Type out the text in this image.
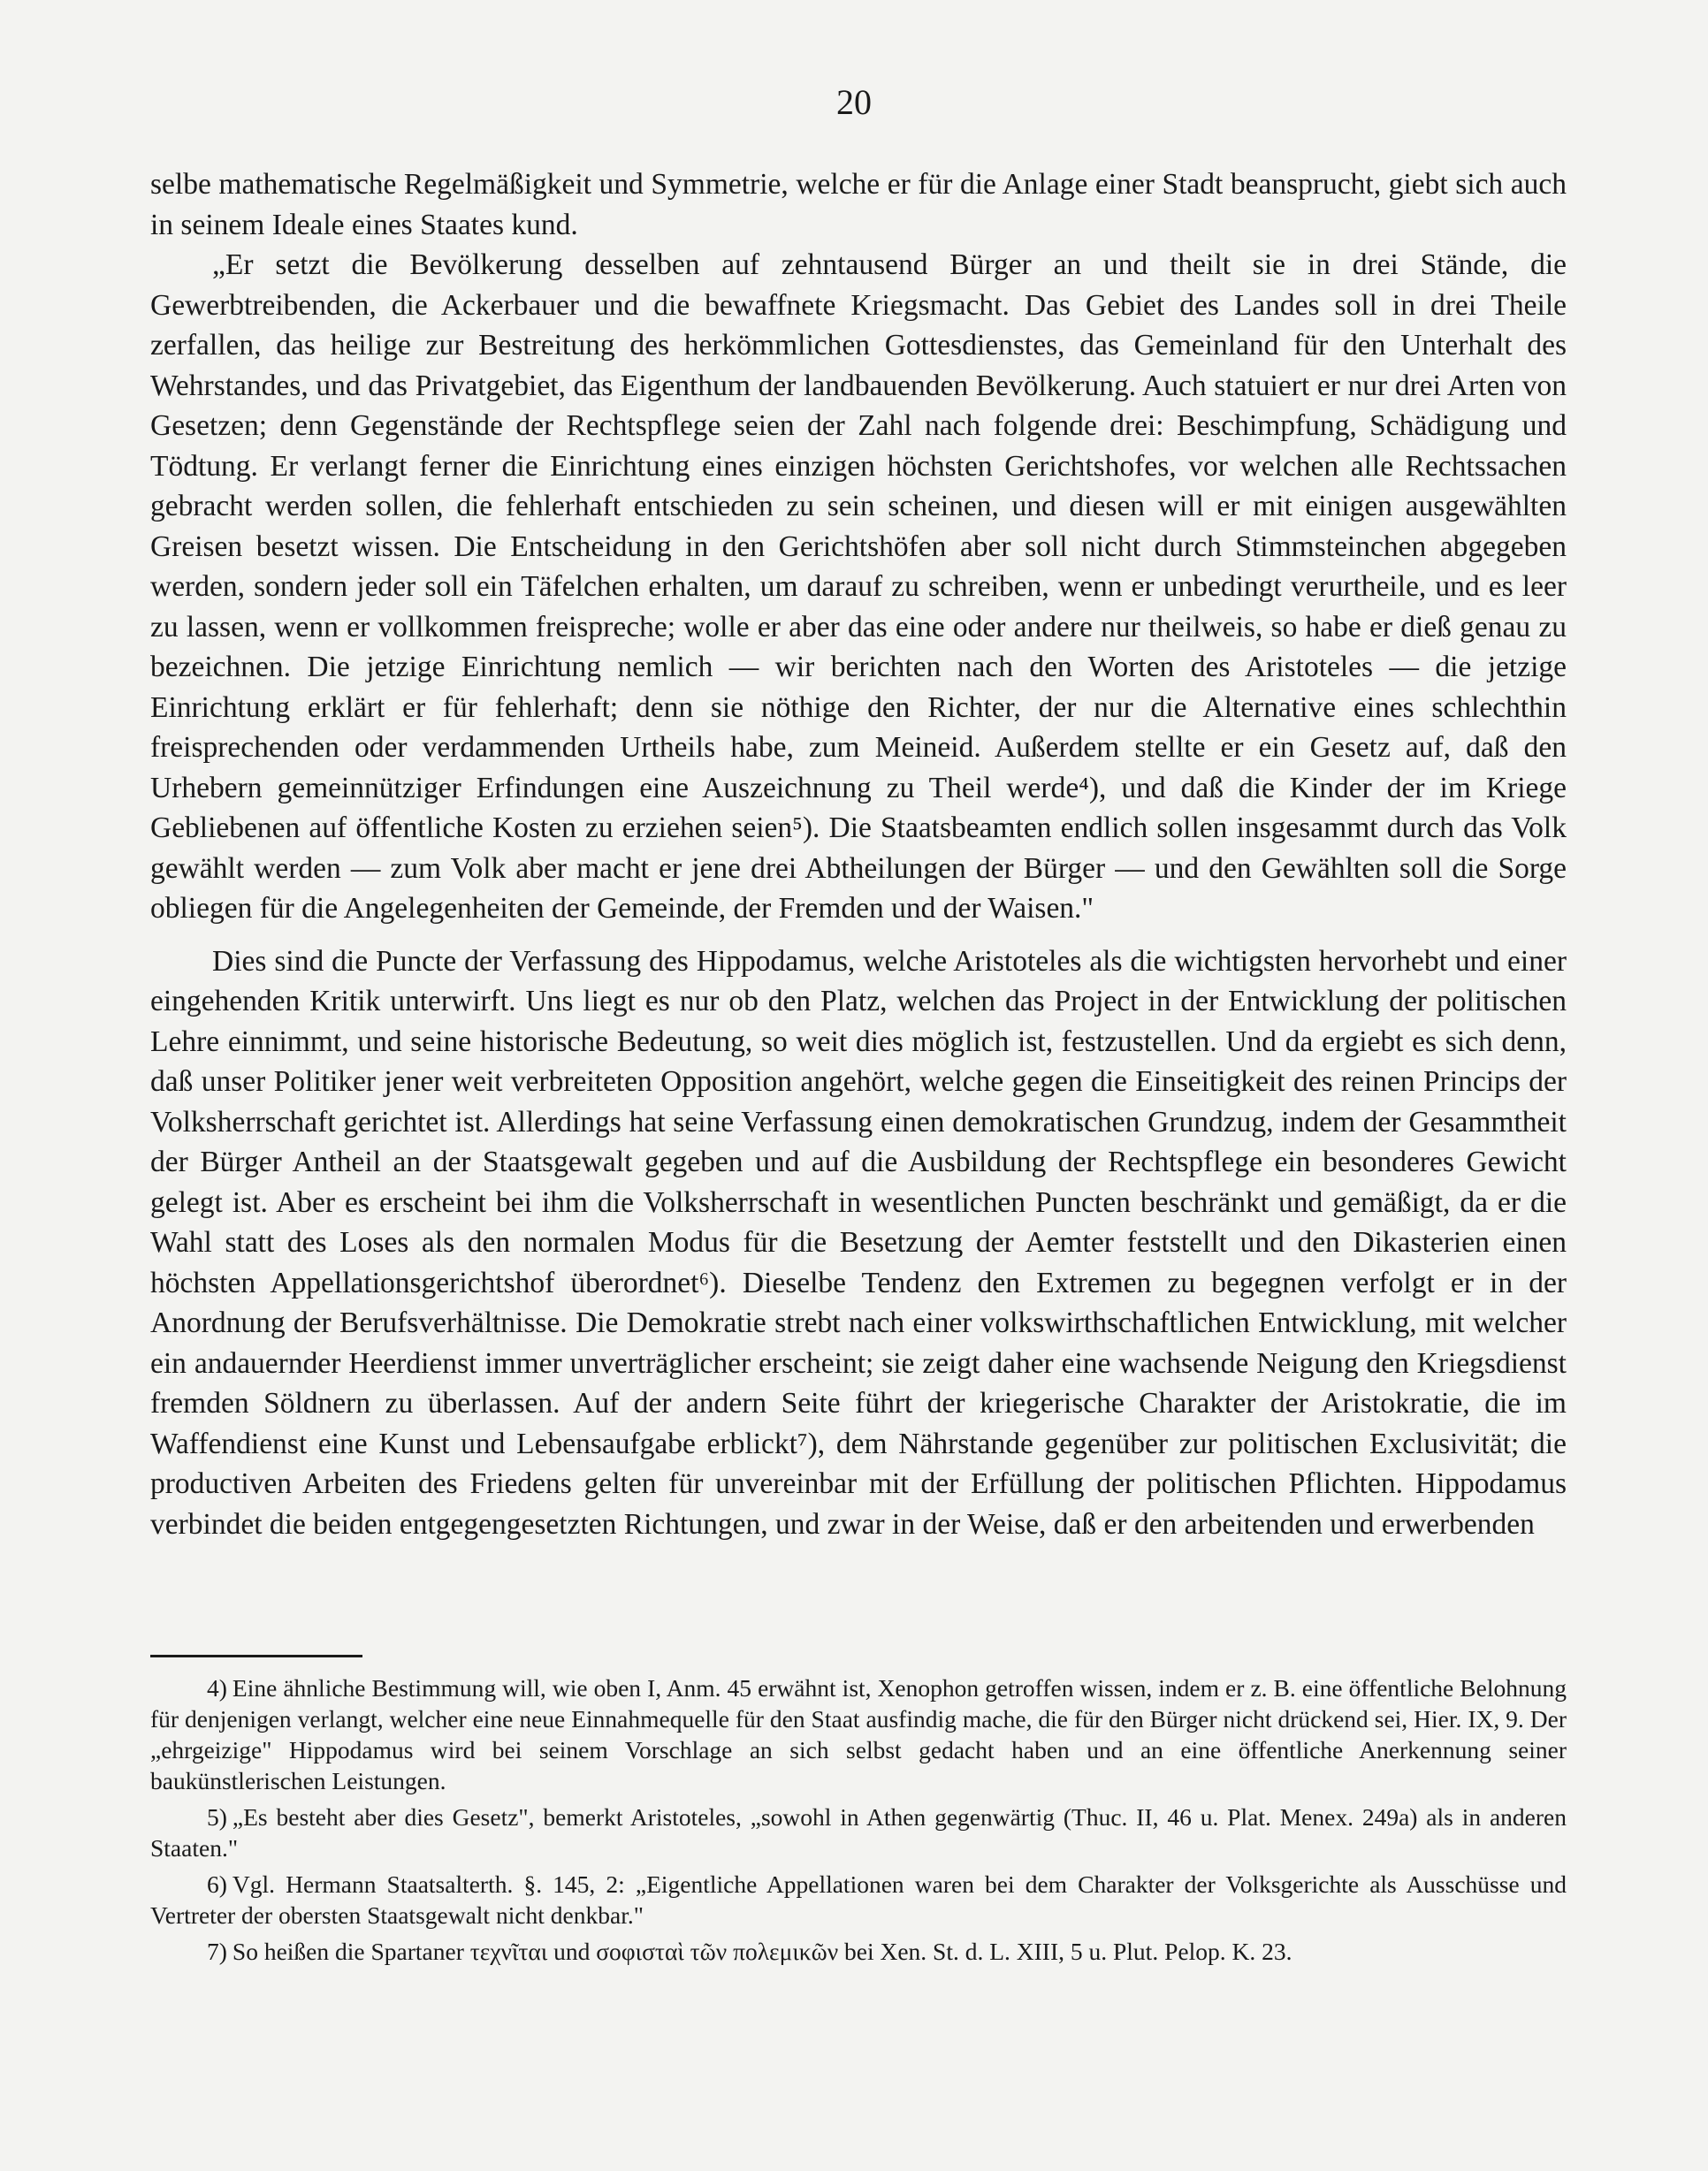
20

selbe mathematische Regelmäßigkeit und Symmetrie, welche er für die Anlage einer Stadt beansprucht, giebt sich auch in seinem Ideale eines Staates kund.

„Er setzt die Bevölkerung desselben auf zehntausend Bürger an und theilt sie in drei Stände, die Gewerbtreibenden, die Ackerbauer und die bewaffnete Kriegsmacht. Das Gebiet des Landes soll in drei Theile zerfallen, das heilige zur Bestreitung des herkömmlichen Gottesdienstes, das Gemeinland für den Unterhalt des Wehrstandes, und das Privatgebiet, das Eigenthum der landbauenden Bevölkerung. Auch statuiert er nur drei Arten von Gesetzen; denn Gegenstände der Rechtspflege seien der Zahl nach folgende drei: Beschimpfung, Schädigung und Tödtung. Er verlangt ferner die Einrichtung eines einzigen höchsten Gerichtshofes, vor welchen alle Rechtssachen gebracht werden sollen, die fehlerhaft entschieden zu sein scheinen, und diesen will er mit einigen ausgewählten Greisen besetzt wissen. Die Entscheidung in den Gerichtshöfen aber soll nicht durch Stimmsteinchen abgegeben werden, sondern jeder soll ein Täfelchen erhalten, um darauf zu schreiben, wenn er unbedingt verurtheile, und es leer zu lassen, wenn er vollkommen freispreche; wolle er aber das eine oder andere nur theilweis, so habe er dieß genau zu bezeichnen. Die jetzige Einrichtung nemlich — wir berichten nach den Worten des Aristoteles — die jetzige Einrichtung erklärt er für fehlerhaft; denn sie nöthige den Richter, der nur die Alternative eines schlechthin freisprechenden oder verdammenden Urtheils habe, zum Meineid. Außerdem stellte er ein Gesetz auf, daß den Urhebern gemeinnütziger Erfindungen eine Auszeichnung zu Theil werde⁴), und daß die Kinder der im Kriege Gebliebenen auf öffentliche Kosten zu erziehen seien⁵). Die Staatsbeamten endlich sollen insgesammt durch das Volk gewählt werden — zum Volk aber macht er jene drei Abtheilungen der Bürger — und den Gewählten soll die Sorge obliegen für die Angelegenheiten der Gemeinde, der Fremden und der Waisen."

Dies sind die Puncte der Verfassung des Hippodamus, welche Aristoteles als die wichtigsten hervorhebt und einer eingehenden Kritik unterwirft. Uns liegt es nur ob den Platz, welchen das Project in der Entwicklung der politischen Lehre einnimmt, und seine historische Bedeutung, so weit dies möglich ist, festzustellen. Und da ergiebt es sich denn, daß unser Politiker jener weit verbreiteten Opposition angehört, welche gegen die Einseitigkeit des reinen Princips der Volksherrschaft gerichtet ist. Allerdings hat seine Verfassung einen demokratischen Grundzug, indem der Gesammtheit der Bürger Antheil an der Staatsgewalt gegeben und auf die Ausbildung der Rechtspflege ein besonderes Gewicht gelegt ist. Aber es erscheint bei ihm die Volksherrschaft in wesentlichen Puncten beschränkt und gemäßigt, da er die Wahl statt des Loses als den normalen Modus für die Besetzung der Aemter feststellt und den Dikasterien einen höchsten Appellationsgerichtshof überordnet⁶). Dieselbe Tendenz den Extremen zu begegnen verfolgt er in der Anordnung der Berufsverhältnisse. Die Demokratie strebt nach einer volkswirthschaftlichen Entwicklung, mit welcher ein andauernder Heerdienst immer unverträglicher erscheint; sie zeigt daher eine wachsende Neigung den Kriegsdienst fremden Söldnern zu überlassen. Auf der andern Seite führt der kriegerische Charakter der Aristokratie, die im Waffendienst eine Kunst und Lebensaufgabe erblickt⁷), dem Nährstande gegenüber zur politischen Exclusivität; die productiven Arbeiten des Friedens gelten für unvereinbar mit der Erfüllung der politischen Pflichten. Hippodamus verbindet die beiden entgegengesetzten Richtungen, und zwar in der Weise, daß er den arbeitenden und erwerbenden

4) Eine ähnliche Bestimmung will, wie oben I, Anm. 45 erwähnt ist, Xenophon getroffen wissen, indem er z. B. eine öffentliche Belohnung für denjenigen verlangt, welcher eine neue Einnahmequelle für den Staat ausfindig mache, die für den Bürger nicht drückend sei, Hier. IX, 9. Der „ehrgeizige" Hippodamus wird bei seinem Vorschlage an sich selbst gedacht haben und an eine öffentliche Anerkennung seiner baukünstlerischen Leistungen.

5) „Es besteht aber dies Gesetz", bemerkt Aristoteles, „sowohl in Athen gegenwärtig (Thuc. II, 46 u. Plat. Menex. 249a) als in anderen Staaten."

6) Vgl. Hermann Staatsalterth. §. 145, 2: „Eigentliche Appellationen waren bei dem Charakter der Volksgerichte als Ausschüsse und Vertreter der obersten Staatsgewalt nicht denkbar."

7) So heißen die Spartaner τεχνῖται und σοφισταὶ τῶν πολεμικῶν bei Xen. St. d. L. XIII, 5 u. Plut. Pelop. K. 23.
